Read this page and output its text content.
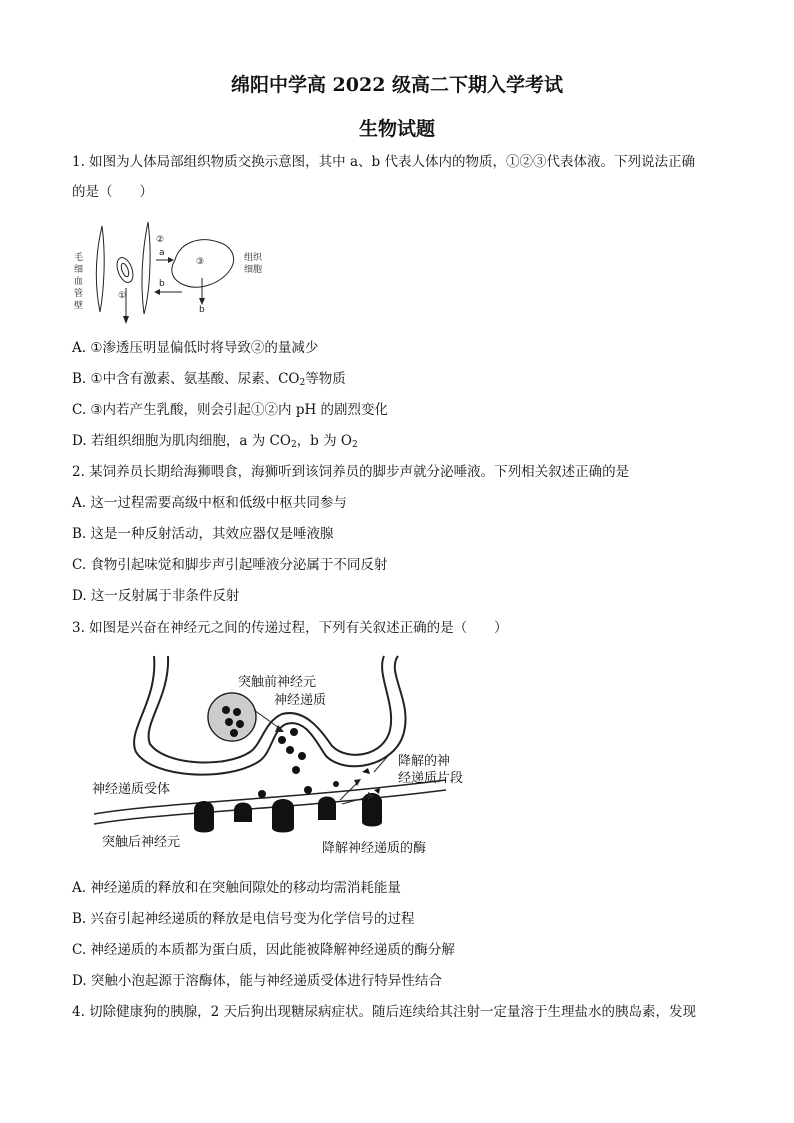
绵阳中学高 2022 级高二下期入学考试
生物试题
1. 如图为人体局部组织物质交换示意图，其中 a、b 代表人体内的物质，①②③代表体液。下列说法正确
的是（　　）
毛
细
血
管
壁
②
a
b
①
③
b
组织
细胞
A. ①渗透压明显偏低时将导致②的量减少
B. ①中含有激素、氨基酸、尿素、$CO_2$等物质
C. ③内若产生乳酸，则会引起①②内 pH 的剧烈变化
D. 若组织细胞为肌肉细胞，a 为 $CO_2$，b 为 $O_2$
2. 某饲养员长期给海狮喂食，海狮听到该饲养员的脚步声就分泌唾液。下列相关叙述正确的是
A. 这一过程需要高级中枢和低级中枢共同参与
B. 这是一种反射活动，其效应器仅是唾液腺
C. 食物引起味觉和脚步声引起唾液分泌属于不同反射
D. 这一反射属于非条件反射
3. 如图是兴奋在神经元之间的传递过程，下列有关叙述正确的是（　　）
突触前神经元
神经递质
降解的神
经递质片段
神经递质受体
突触后神经元	降解神经递质的酶
A. 神经递质的释放和在突触间隙处的移动均需消耗能量
B. 兴奋引起神经递质的释放是电信号变为化学信号的过程
C. 神经递质的本质都为蛋白质，因此能被降解神经递质的酶分解
D. 突触小泡起源于溶酶体，能与神经递质受体进行特异性结合
4. 切除健康狗的胰腺，2 天后狗出现糖尿病症状。随后连续给其注射一定量溶于生理盐水的胰岛素，发现
